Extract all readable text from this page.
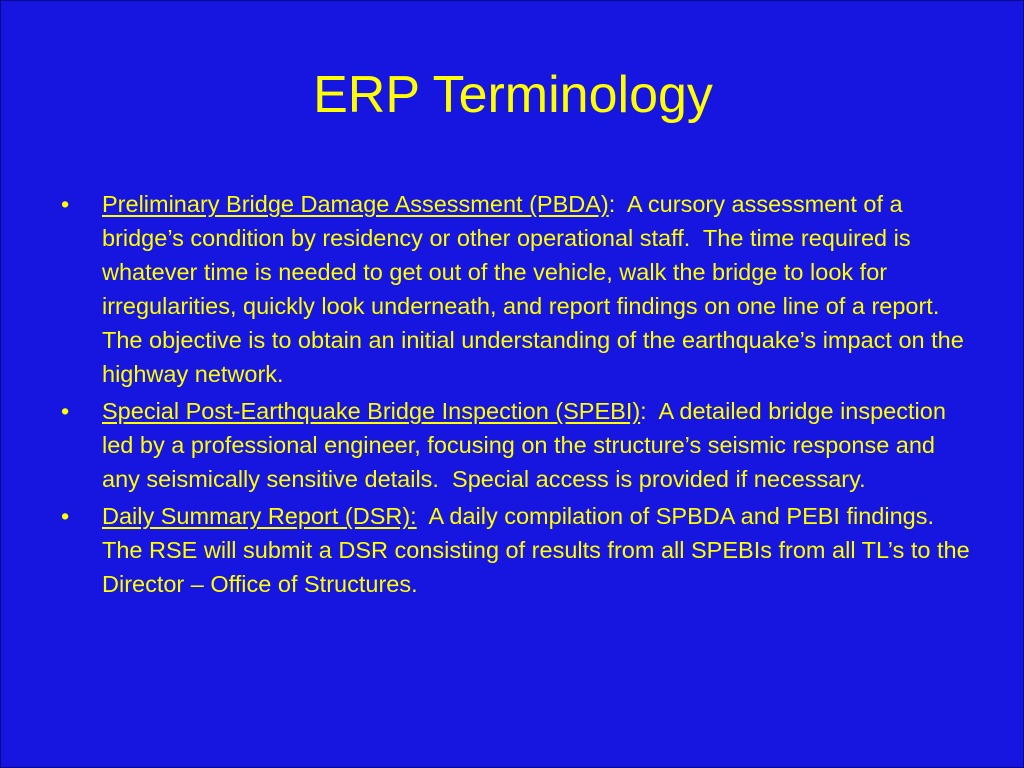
ERP Terminology
• Preliminary Bridge Damage Assessment (PBDA):  A cursory assessment of a bridge’s condition by residency or other operational staff.  The time required is whatever time is needed to get out of the vehicle, walk the bridge to look for irregularities, quickly look underneath, and report findings on one line of a report.  The objective is to obtain an initial understanding of the earthquake’s impact on the highway network.
• Special Post-Earthquake Bridge Inspection (SPEBI):  A detailed bridge inspection led by a professional engineer, focusing on the structure’s seismic response and any seismically sensitive details.  Special access is provided if necessary.
• Daily Summary Report (DSR):  A daily compilation of SPBDA and PEBI findings.  The RSE will submit a DSR consisting of results from all SPEBIs from all TL’s to the Director – Office of Structures.
